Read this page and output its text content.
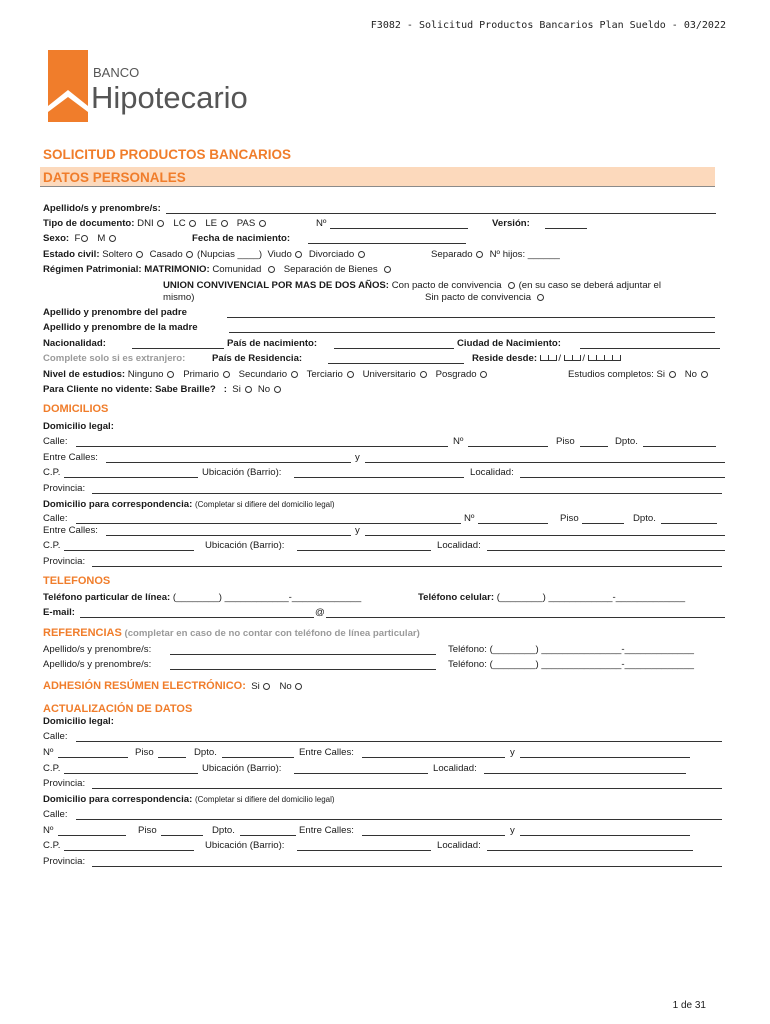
F3082 - Solicitud Productos Bancarios Plan Sueldo - 03/2022
BANCO
Hipotecario
SOLICITUD PRODUCTOS BANCARIOS
DATOS PERSONALES
Apellido/s y prenombre/s:
Tipo de documento: DNI LC LE PAS	Nº	Versión:
Sexo: F M	Fecha de nacimiento:
Estado civil: Soltero Casado (Nupcias ____) Viudo Divorciado	Separado Nº hijos: ______
Régimen Patrimonial: MATRIMONIO: Comunidad Separación de Bienes
UNION CONVIVENCIAL POR MAS DE DOS AÑOS: Con pacto de convivencia (en su caso se deberá adjuntar el
mismo)	Sin pacto de convivencia
Apellido y prenombre del padre
Apellido y prenombre de la madre
Nacionalidad:	País de nacimiento:	Ciudad de Nacimiento:
Complete solo si es extranjero:	País de Residencia:	Reside desde:  /  /
Nivel de estudios: Ninguno Primario Secundario Terciario Universitario Posgrado	Estudios completos: Si No
Para Cliente no vidente: Sabe Braille? : Si No
DOMICILIOS
Domicilio legal:
Calle:	Nº	Piso	Dpto.
Entre Calles:	y
C.P.	Ubicación (Barrio):	Localidad:
Provincia:
Domicilio para correspondencia: (Completar si difiere del domicilio legal)
Calle:	Nº	Piso	Dpto.
Entre Calles:	y
C.P.	Ubicación (Barrio):	Localidad:
Provincia:
TELEFONOS
Teléfono particular de línea: (________) ____________-_____________	Teléfono celular: (________) ____________-_____________
E-mail:	@
REFERENCIAS (completar en caso de no contar con teléfono de línea particular)
Apellido/s y prenombre/s:	Teléfono: (________) _______________-_____________
Apellido/s y prenombre/s:	Teléfono: (________) _______________-_____________
ADHESIÓN RESÚMEN ELECTRÓNICO: Si No
ACTUALIZACIÓN DE DATOS
Domicilio legal:
Calle:
Nº	Piso	Dpto.	Entre Calles:	y
C.P.	Ubicación (Barrio):	Localidad:
Provincia:
Domicilio para correspondencia: (Completar si difiere del domicilio legal)
Calle:
Nº	Piso	Dpto.	Entre Calles:	y
C.P.	Ubicación (Barrio):	Localidad:
Provincia:
1 de 31
